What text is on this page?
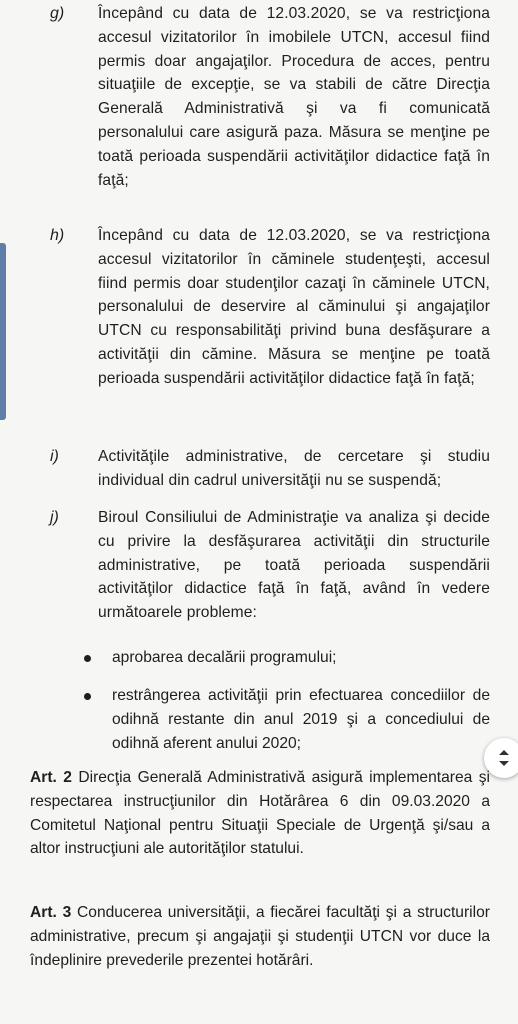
g) Începând cu data de 12.03.2020, se va restricţiona accesul vizitatorilor în imobilele UTCN, accesul fiind permis doar angajaţilor. Procedura de acces, pentru situaţiile de excepţie, se va stabili de către Direcţia Generală Administrativă şi va fi comunicată personalului care asigură paza. Măsura se menţine pe toată perioada suspendării activităţilor didactice faţă în faţă;
h) Începând cu data de 12.03.2020, se va restricţiona accesul vizitatorilor în căminele studenţeşti, accesul fiind permis doar studenţilor cazaţi în căminele UTCN, personalului de deservire al căminului şi angajaţilor UTCN cu responsabilităţi privind buna desfăşurare a activităţii din cămine. Măsura se menţine pe toată perioada suspendării activităţilor didactice faţă în faţă;
i)	Activităţile administrative, de cercetare şi studiu individual din cadrul universităţii nu se suspendă;
j)	Biroul Consiliului de Administraţie va analiza şi decide cu privire la desfăşurarea activităţii din structurile administrative, pe toată perioada suspendării activităţilor didactice faţă în faţă, având în vedere următoarele probleme:
aprobarea decalării programului;
restrângerea activităţii prin efectuarea concediilor de odihnă restante din anul 2019 şi a concediului de odihnă aferent anului 2020;
Art. 2 Direcţia Generală Administrativă asigură implementarea şi respectarea instrucţiunilor din Hotărârea 6 din 09.03.2020 a Comitetul Naţional pentru Situaţii Speciale de Urgenţă şi/sau a altor instrucţiuni ale autorităţilor statului.
Art. 3 Conducerea universităţii, a fiecărei facultăţi şi a structurilor administrative, precum şi angajaţii şi studenţii UTCN vor duce la îndeplinire prevederile prezentei hotărâri.
